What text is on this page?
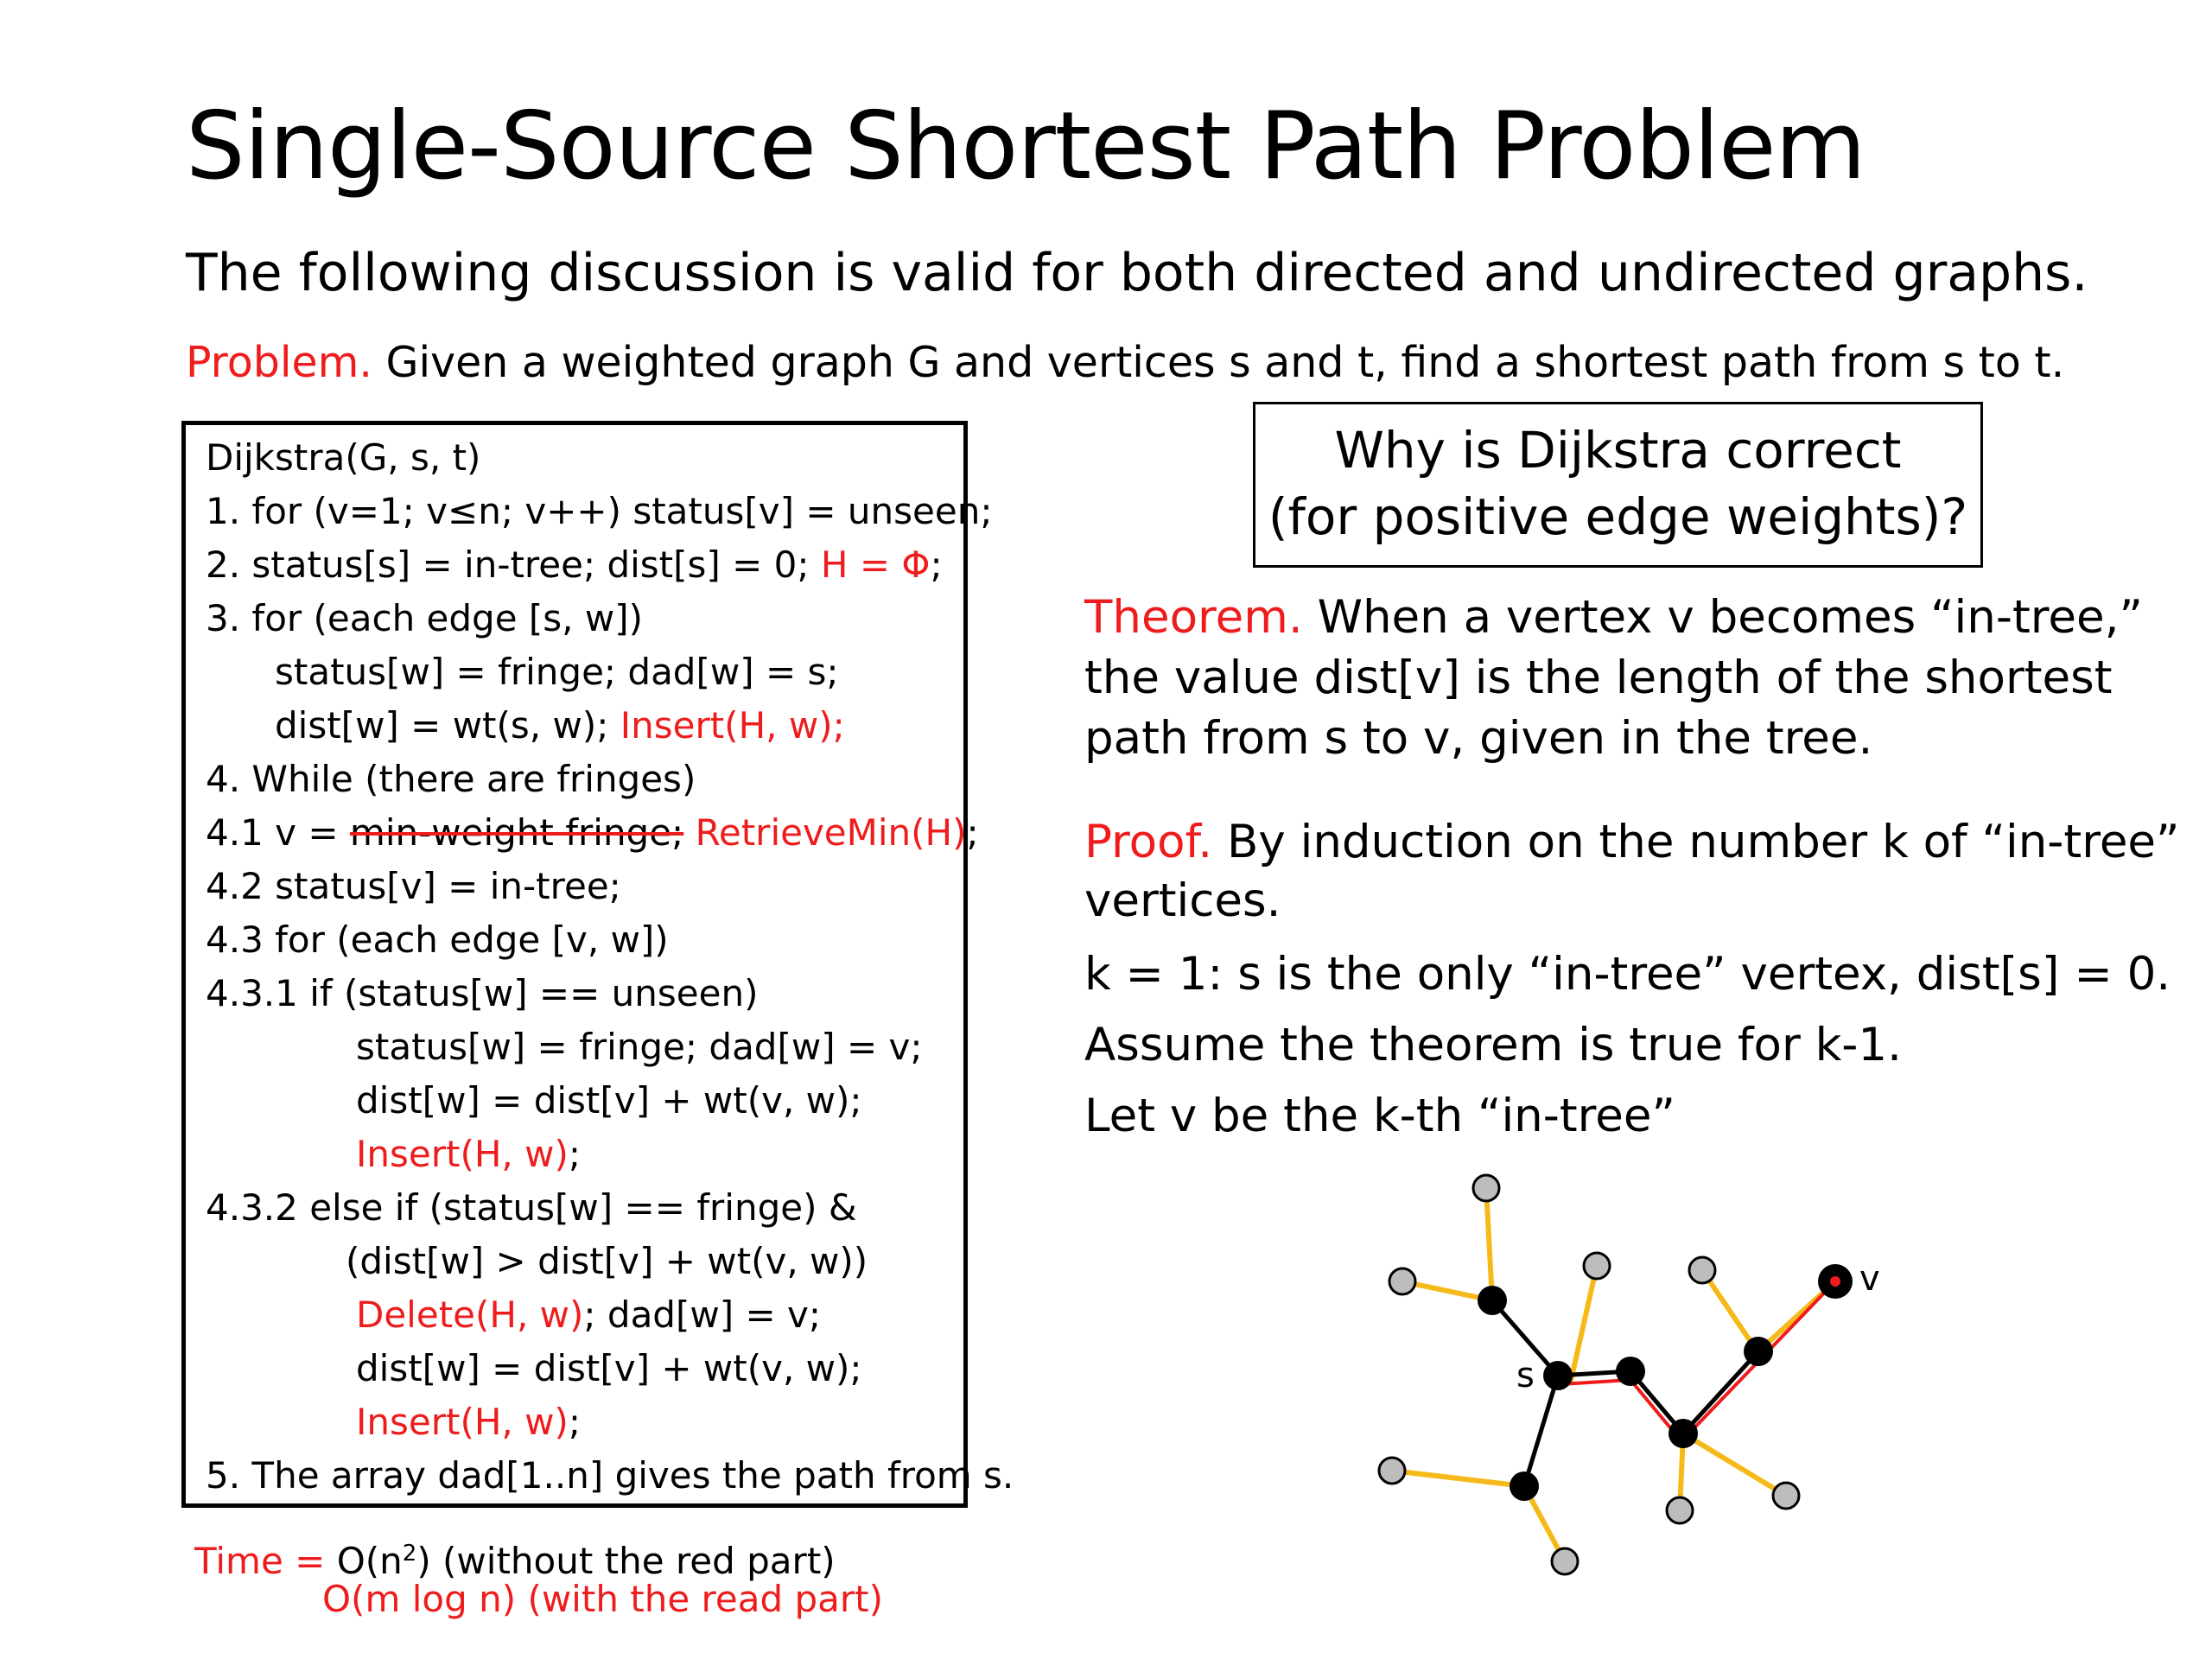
Single-Source Shortest Path Problem
The following discussion is valid for both directed and undirected graphs.
Problem. Given a weighted graph G and vertices s and t, find a shortest path from s to t.
Dijkstra(G, s, t)
1. for (v=1; v≤n; v++) status[v] = unseen;
2. status[s] = in-tree; dist[s] = 0; H = Φ;
3. for (each edge [s, w])
status[w] = fringe; dad[w] = s;
dist[w] = wt(s, w); Insert(H, w);
4. While (there are fringes)
4.1 v = min-weight fringe; RetrieveMin(H);
4.2 status[v] = in-tree;
4.3 for (each edge [v, w])
4.3.1 if (status[w] == unseen)
status[w] = fringe; dad[w] = v;
dist[w] = dist[v] + wt(v, w);
Insert(H, w);
4.3.2 else if (status[w] == fringe) &
(dist[w] > dist[v] + wt(v, w))
Delete(H, w); dad[w] = v;
dist[w] = dist[v] + wt(v, w);
Insert(H, w);
5. The array dad[1..n] gives the path from s.
Time = $O(n^2)$ (without the red part)
O(m log n) (with the read part)
Why is Dijkstra correct
(for positive edge weights)?
Theorem. When a vertex v becomes “in-tree,”
the value dist[v] is the length of the shortest
path from s to v, given in the tree.
Proof. By induction on the number k of “in-tree”
vertices.
k = 1: s is the only “in-tree” vertex, dist[s] = 0.
Assume the theorem is true for k-1.
Let v be the k-th “in-tree”
s
v
